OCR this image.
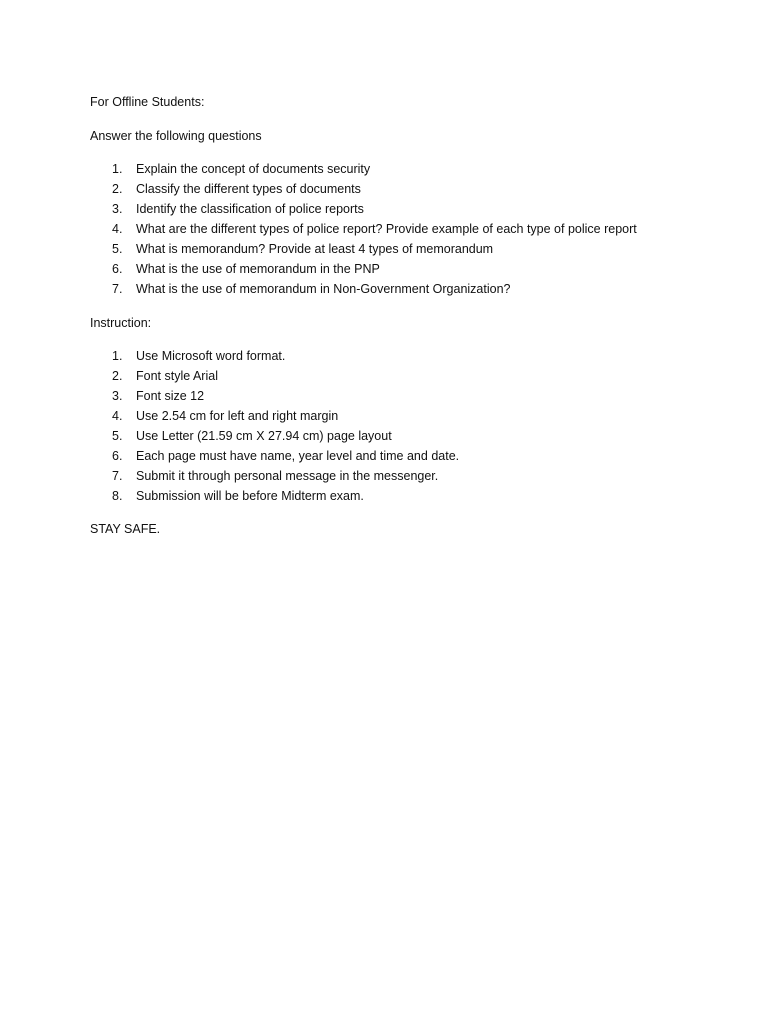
For Offline Students:

Answer the following questions

1.	Explain the concept of documents security
2.	Classify the different types of documents
3.	Identify the classification of police reports
4.	What are the different types of police report? Provide example of each type of police report
5.	What is memorandum? Provide at least 4 types of memorandum
6.	What is the use of memorandum in the PNP
7.	What is the use of memorandum in Non-Government Organization?

Instruction:

1.	Use Microsoft word format.
2.	Font style Arial
3.	Font size 12
4.	Use 2.54 cm for left and right margin
5.	Use Letter (21.59 cm X 27.94 cm) page layout
6.	Each page must have name, year level and time and date.
7.	Submit it through personal message in the messenger.
8.	Submission will be before Midterm exam.

STAY SAFE.
